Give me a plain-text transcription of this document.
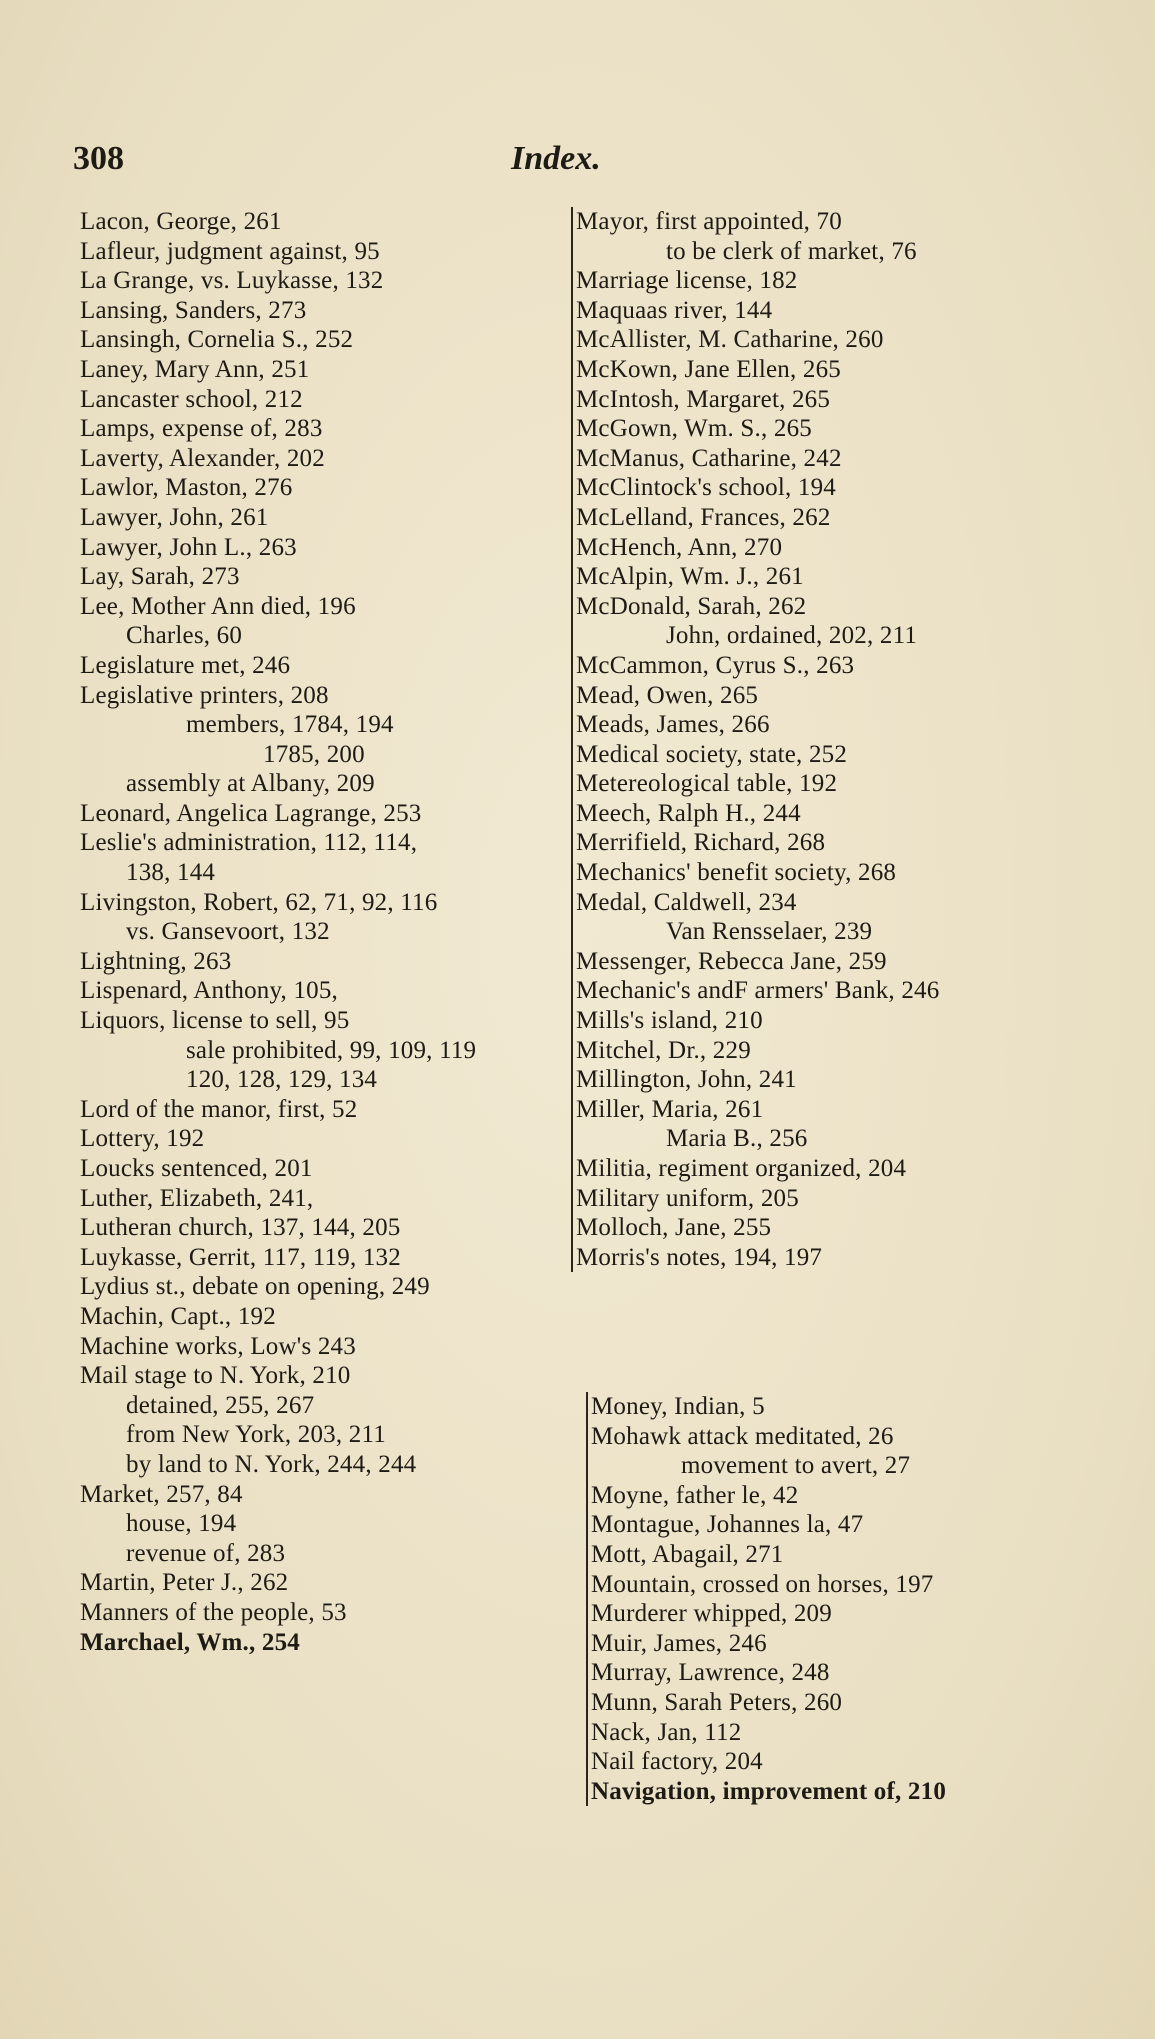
308	Index.
Lacon, George, 261
Lafleur, judgment against, 95
La Grange, vs. Luykasse, 132
Lansing, Sanders, 273
Lansingh, Cornelia S., 252
Laney, Mary Ann, 251
Lancaster school, 212
Lamps, expense of, 283
Laverty, Alexander, 202
Lawlor, Maston, 276
Lawyer, John, 261
Lawyer, John L., 263
Lay, Sarah, 273
Lee, Mother Ann died, 196
Charles, 60
Legislature met, 246
Legislative printers, 208
members, 1784, 194
1785, 200
assembly at Albany, 209
Leonard, Angelica Lagrange, 253
Leslie's administration, 112, 114,
138, 144
Livingston, Robert, 62, 71, 92, 116
vs. Gansevoort, 132
Lightning, 263
Lispenard, Anthony, 105,
Liquors, license to sell, 95
sale prohibited, 99, 109, 119
120, 128, 129, 134
Lord of the manor, first, 52
Lottery, 192
Loucks sentenced, 201
Luther, Elizabeth, 241,
Lutheran church, 137, 144, 205
Luykasse, Gerrit, 117, 119, 132
Lydius st., debate on opening, 249
Machin, Capt., 192
Machine works, Low's 243
Mail stage to N. York, 210
detained, 255, 267
from New York, 203, 211
by land to N. York, 244, 244
Market, 257, 84
house, 194
revenue of, 283
Martin, Peter J., 262
Manners of the people, 53
Marchael, Wm., 254
Mayor, first appointed, 70
to be clerk of market, 76
Marriage license, 182
Maquaas river, 144
McAllister, M. Catharine, 260
McKown, Jane Ellen, 265
McIntosh, Margaret, 265
McGown, Wm. S., 265
McManus, Catharine, 242
McClintock's school, 194
McLelland, Frances, 262
McHench, Ann, 270
McAlpin, Wm. J., 261
McDonald, Sarah, 262
John, ordained, 202, 211
McCammon, Cyrus S., 263
Mead, Owen, 265
Meads, James, 266
Medical society, state, 252
Metereological table, 192
Meech, Ralph H., 244
Merrifield, Richard, 268
Mechanics' benefit society, 268
Medal, Caldwell, 234
Van Rensselaer, 239
Messenger, Rebecca Jane, 259
Mechanic's andF armers' Bank, 246
Mills's island, 210
Mitchel, Dr., 229
Millington, John, 241
Miller, Maria, 261
Maria B., 256
Militia, regiment organized, 204
Military uniform, 205
Molloch, Jane, 255
Morris's notes, 194, 197
Money, Indian, 5
Mohawk attack meditated, 26
movement to avert, 27
Moyne, father le, 42
Montague, Johannes la, 47
Mott, Abagail, 271
Mountain, crossed on horses, 197
Murderer whipped, 209
Muir, James, 246
Murray, Lawrence, 248
Munn, Sarah Peters, 260
Nack, Jan, 112
Nail factory, 204
Navigation, improvement of, 210
